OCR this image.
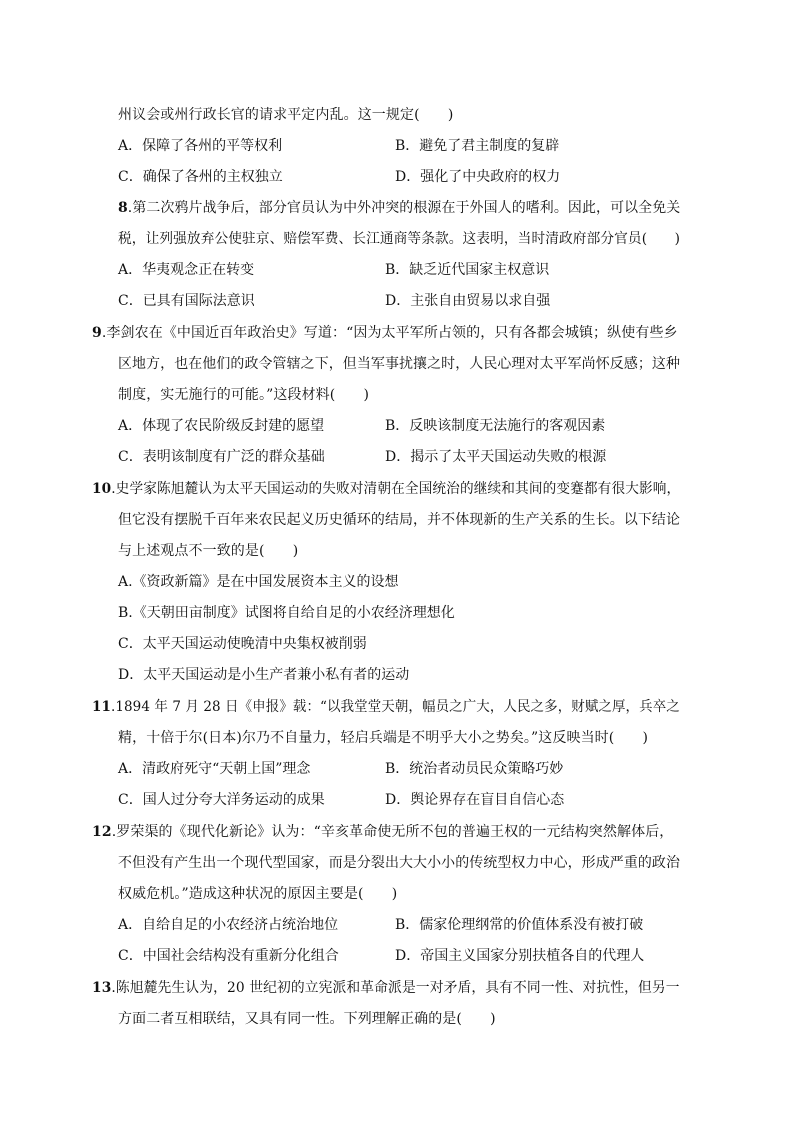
州议会或州行政长官的请求平定内乱。这一规定(　　)
A．保障了各州的平等权利	B．避免了君主制度的复辟
C．确保了各州的主权独立	D．强化了中央政府的权力
8.第二次鸦片战争后，部分官员认为中外冲突的根源在于外国人的嗜利。因此，可以全免关
税，让列强放弃公使驻京、赔偿军费、长江通商等条款。这表明，当时清政府部分官员(　　)
A．华夷观念正在转变	B．缺乏近代国家主权意识
C．已具有国际法意识	D．主张自由贸易以求自强
9.李剑农在《中国近百年政治史》写道：“因为太平军所占领的，只有各都会城镇；纵使有些乡
区地方，也在他们的政令管辖之下，但当军事扰攘之时，人民心理对太平军尚怀反感；这种
制度，实无施行的可能。”这段材料(　　)
A．体现了农民阶级反封建的愿望	B．反映该制度无法施行的客观因素
C．表明该制度有广泛的群众基础	D．揭示了太平天国运动失败的根源
10.史学家陈旭麓认为太平天国运动的失败对清朝在全国统治的继续和其间的变蹇都有很大影响，
但它没有摆脱千百年来农民起义历史循环的结局，并不体现新的生产关系的生长。以下结论
与上述观点不一致的是(　　)
A.《资政新篇》是在中国发展资本主义的设想
B.《天朝田亩制度》试图将自给自足的小农经济理想化
C．太平天国运动使晚清中央集权被削弱
D．太平天国运动是小生产者兼小私有者的运动
11.1894 年 7 月 28 日《申报》载：“以我堂堂天朝，幅员之广大，人民之多，财赋之厚，兵卒之
精，十倍于尔(日本)尔乃不自量力，轻启兵端是不明乎大小之势矣。”这反映当时(　　)
A．清政府死守“天朝上国”理念	B．统治者动员民众策略巧妙
C．国人过分夸大洋务运动的成果	D．舆论界存在盲目自信心态
12.罗荣渠的《现代化新论》认为：“辛亥革命使无所不包的普遍王权的一元结构突然解体后，
不但没有产生出一个现代型国家，而是分裂出大大小小的传统型权力中心，形成严重的政治
权威危机。”造成这种状况的原因主要是(　　)
A．自给自足的小农经济占统治地位	B．儒家伦理纲常的价值体系没有被打破
C．中国社会结构没有重新分化组合	D．帝国主义国家分别扶植各自的代理人
13.陈旭麓先生认为，20 世纪初的立宪派和革命派是一对矛盾，具有不同一性、对抗性，但另一
方面二者互相联结，又具有同一性。下列理解正确的是(　　)
